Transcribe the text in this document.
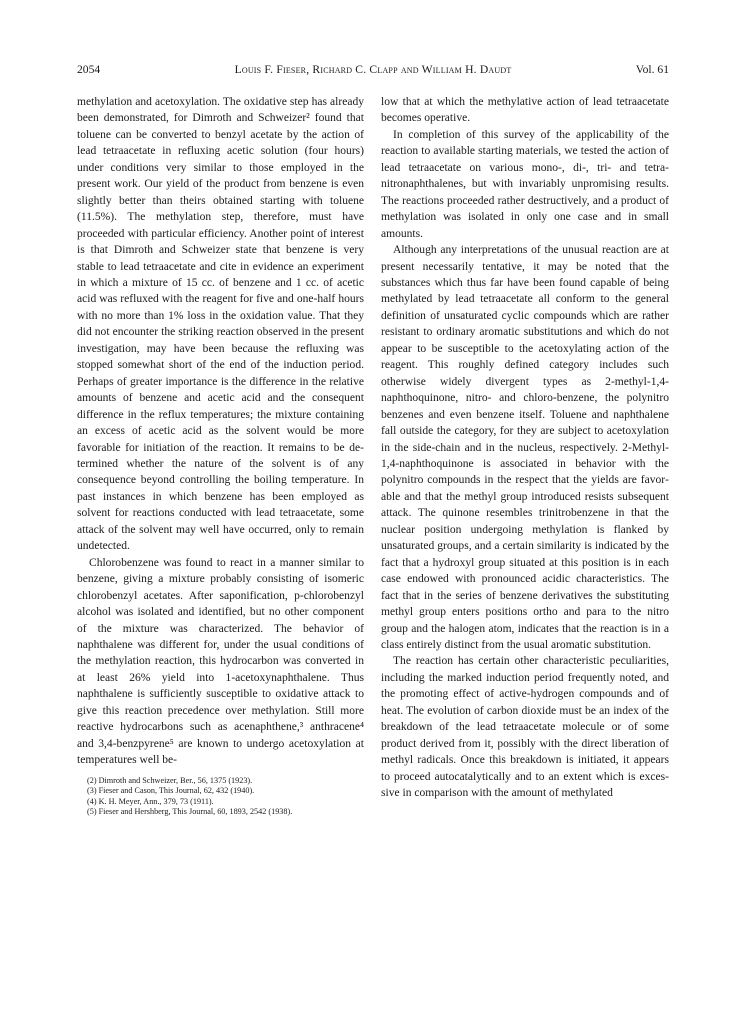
2054	Louis F. Fieser, Richard C. Clapp and William H. Daudt	Vol. 61

methylation and acetoxylation. The oxidative step has already been demonstrated, for Dimroth and Schweizer² found that toluene can be converted to benzyl acetate by the action of lead tetraacetate in refluxing acetic solution (four hours) under conditions very similar to those employed in the present work. Our yield of the product from benzene is even slightly better than theirs obtained starting with toluene (11.5%). The methylation step, therefore, must have proceeded with particular efficiency. Another point of interest is that Dimroth and Schweizer state that benzene is very stable to lead tetraacetate and cite in evidence an experiment in which a mixture of 15 cc. of benzene and 1 cc. of acetic acid was refluxed with the reagent for five and one-half hours with no more than 1% loss in the oxidation value. That they did not encounter the striking reaction observed in the present investigation, may have been because the refluxing was stopped somewhat short of the end of the induction period. Perhaps of greater importance is the difference in the relative amounts of benzene and acetic acid and the consequent difference in the reflux temperatures; the mixture containing an excess of acetic acid as the solvent would be more favorable for initiation of the reaction. It remains to be determined whether the nature of the solvent is of any consequence beyond controlling the boiling temperature. In past instances in which benzene has been employed as solvent for reactions conducted with lead tetraacetate, some attack of the solvent may well have occurred, only to remain undetected.

Chlorobenzene was found to react in a manner similar to benzene, giving a mixture probably consisting of isomeric chlorobenzyl acetates. After saponification, p-chlorobenzyl alcohol was isolated and identified, but no other component of the mixture was characterized. The behavior of naphthalene was different for, under the usual conditions of the methylation reaction, this hydrocarbon was converted in at least 26% yield into 1-acetoxynaphthalene. Thus naphthalene is sufficiently susceptible to oxidative attack to give this reaction precedence over methylation. Still more reactive hydrocarbons such as acenaphthene,³ anthracene⁴ and 3,4-benzpyrene⁵ are known to undergo acetoxylation at temperatures well be-

(2) Dimroth and Schweizer, Ber., 56, 1375 (1923).
(3) Fieser and Cason, This Journal, 62, 432 (1940).
(4) K. H. Meyer, Ann., 379, 73 (1911).
(5) Fieser and Hershberg, This Journal, 60, 1893, 2542 (1938).

low that at which the methylative action of lead tetraacetate becomes operative.

In completion of this survey of the applicability of the reaction to available starting materials, we tested the action of lead tetraacetate on various mono-, di-, tri- and tetra-nitronaphthalenes, but with invariably unpromising results. The reactions proceeded rather destructively, and a product of methylation was isolated in only one case and in small amounts.

Although any interpretations of the unusual reaction are at present necessarily tentative, it may be noted that the substances which thus far have been found capable of being methylated by lead tetraacetate all conform to the general definition of unsaturated cyclic compounds which are rather resistant to ordinary aromatic substitutions and which do not appear to be susceptible to the acetoxylating action of the reagent. This roughly defined category includes such otherwise widely divergent types as 2-methyl-1,4-naphthoquinone, nitro- and chloro-benzene, the polynitro benzenes and even benzene itself. Toluene and naphthalene fall outside the category, for they are subject to acetoxylation in the side-chain and in the nucleus, respectively. 2-Methyl-1,4-naphthoquinone is associated in behavior with the polynitro compounds in the respect that the yields are favorable and that the methyl group introduced resists subsequent attack. The quinone resembles trinitrobenzene in that the nuclear position undergoing methylation is flanked by unsaturated groups, and a certain similarity is indicated by the fact that a hydroxyl group situated at this position is in each case endowed with pronounced acidic characteristics. The fact that in the series of benzene derivatives the substituting methyl group enters positions ortho and para to the nitro group and the halogen atom, indicates that the reaction is in a class entirely distinct from the usual aromatic substitution.

The reaction has certain other characteristic peculiarities, including the marked induction period frequently noted, and the promoting effect of active-hydrogen compounds and of heat. The evolution of carbon dioxide must be an index of the breakdown of the lead tetraacetate molecule or of some product derived from it, possibly with the direct liberation of methyl radicals. Once this breakdown is initiated, it appears to proceed autocatalytically and to an extent which is excessive in comparison with the amount of methylated
